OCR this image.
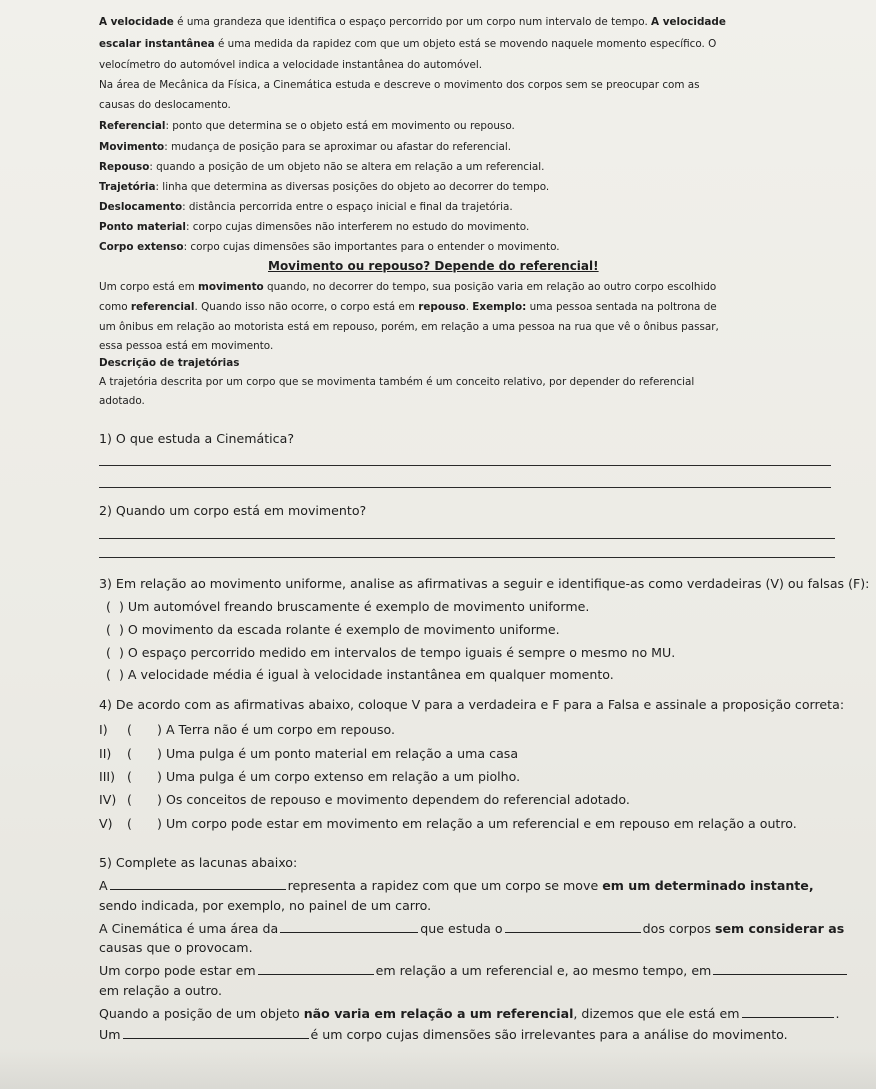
A velocidade é uma grandeza que identifica o espaço percorrido por um corpo num intervalo de tempo. A velocidade
escalar instantânea é uma medida da rapidez com que um objeto está se movendo naquele momento específico. O
velocímetro do automóvel indica a velocidade instantânea do automóvel.
Na área de Mecânica da Física, a Cinemática estuda e descreve o movimento dos corpos sem se preocupar com as
causas do deslocamento.
Referencial: ponto que determina se o objeto está em movimento ou repouso.
Movimento: mudança de posição para se aproximar ou afastar do referencial.
Repouso: quando a posição de um objeto não se altera em relação a um referencial.
Trajetória: linha que determina as diversas posições do objeto ao decorrer do tempo.
Deslocamento: distância percorrida entre o espaço inicial e final da trajetória.
Ponto material: corpo cujas dimensões não interferem no estudo do movimento.
Corpo extenso: corpo cujas dimensões são importantes para o entender o movimento.
Movimento ou repouso? Depende do referencial!
Um corpo está em movimento quando, no decorrer do tempo, sua posição varia em relação ao outro corpo escolhido
como referencial. Quando isso não ocorre, o corpo está em repouso. Exemplo: uma pessoa sentada na poltrona de
um ônibus em relação ao motorista está em repouso, porém, em relação a uma pessoa na rua que vê o ônibus passar,
essa pessoa está em movimento.
Descrição de trajetórias
A trajetória descrita por um corpo que se movimenta também é um conceito relativo, por depender do referencial
adotado.
1) O que estuda a Cinemática?
2) Quando um corpo está em movimento?
3) Em relação ao movimento uniforme, analise as afirmativas a seguir e identifique-as como verdadeiras (V) ou falsas (F):
( ) Um automóvel freando bruscamente é exemplo de movimento uniforme.
( ) O movimento da escada rolante é exemplo de movimento uniforme.
( ) O espaço percorrido medido em intervalos de tempo iguais é sempre o mesmo no MU.
( ) A velocidade média é igual à velocidade instantânea em qualquer momento.
4) De acordo com as afirmativas abaixo, coloque V para a verdadeira e F para a Falsa e assinale a proposição correta:
I) ( ) A Terra não é um corpo em repouso.
II) ( ) Uma pulga é um ponto material em relação a uma casa
III) ( ) Uma pulga é um corpo extenso em relação a um piolho.
IV) ( ) Os conceitos de repouso e movimento dependem do referencial adotado.
V) ( ) Um corpo pode estar em movimento em relação a um referencial e em repouso em relação a outro.
5) Complete as lacunas abaixo:
A	representa a rapidez com que um corpo se move em um determinado instante,
sendo indicada, por exemplo, no painel de um carro.
A Cinemática é uma área da	que estuda o	dos corpos sem considerar as
causas que o provocam.
Um corpo pode estar em	em relação a um referencial e, ao mesmo tempo, em
em relação a outro.
Quando a posição de um objeto não varia em relação a um referencial, dizemos que ele está em	.
Um	é um corpo cujas dimensões são irrelevantes para a análise do movimento.
